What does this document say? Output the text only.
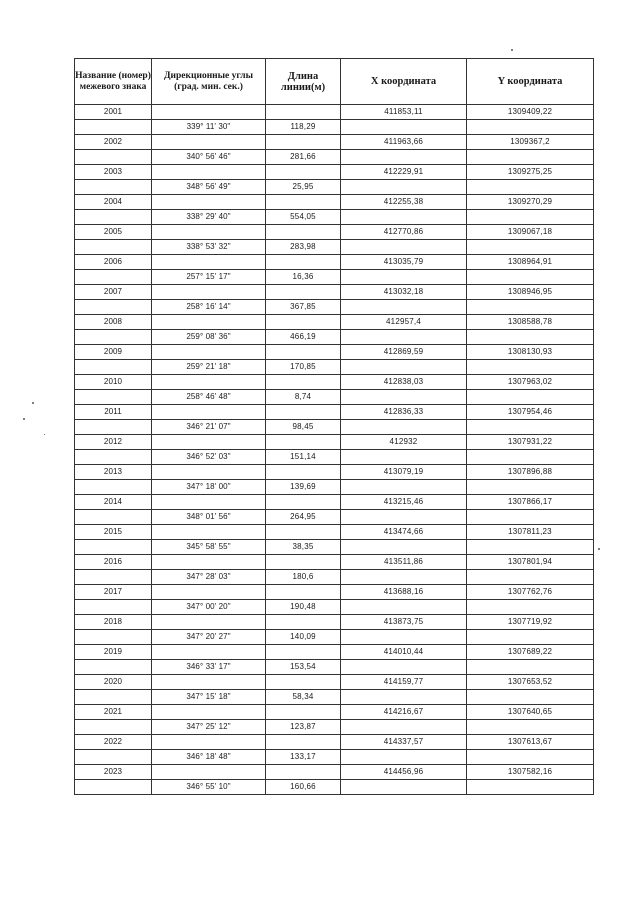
Название (номер) межевого знака	Дирекционные углы (град. мин. сек.)	Длина линии(м)	X координата	Y координата
2001			411853,11	1309409,22
	339° 11' 30"	118,29		
2002			411963,66	1309367,2
	340° 56' 46"	281,66		
2003			412229,91	1309275,25
	348° 56' 49"	25,95		
2004			412255,38	1309270,29
	338° 29' 40"	554,05		
2005			412770,86	1309067,18
	338° 53' 32"	283,98		
2006			413035,79	1308964,91
	257° 15' 17"	16,36		
2007			413032,18	1308946,95
	258° 16' 14"	367,85		
2008			412957,4	1308588,78
	259° 08' 36"	466,19		
2009			412869,59	1308130,93
	259° 21' 18"	170,85		
2010			412838,03	1307963,02
	258° 46' 48"	8,74		
2011			412836,33	1307954,46
	346° 21' 07"	98,45		
2012			412932	1307931,22
	346° 52' 03"	151,14		
2013			413079,19	1307896,88
	347° 18' 00"	139,69		
2014			413215,46	1307866,17
	348° 01' 56"	264,95		
2015			413474,66	1307811,23
	345° 58' 55"	38,35		
2016			413511,86	1307801,94
	347° 28' 03"	180,6		
2017			413688,16	1307762,76
	347° 00' 20"	190,48		
2018			413873,75	1307719,92
	347° 20' 27"	140,09		
2019			414010,44	1307689,22
	346° 33' 17"	153,54		
2020			414159,77	1307653,52
	347° 15' 18"	58,34		
2021			414216,67	1307640,65
	347° 25' 12"	123,87		
2022			414337,57	1307613,67
	346° 18' 48"	133,17		
2023			414456,96	1307582,16
	346° 55' 10"	160,66		
